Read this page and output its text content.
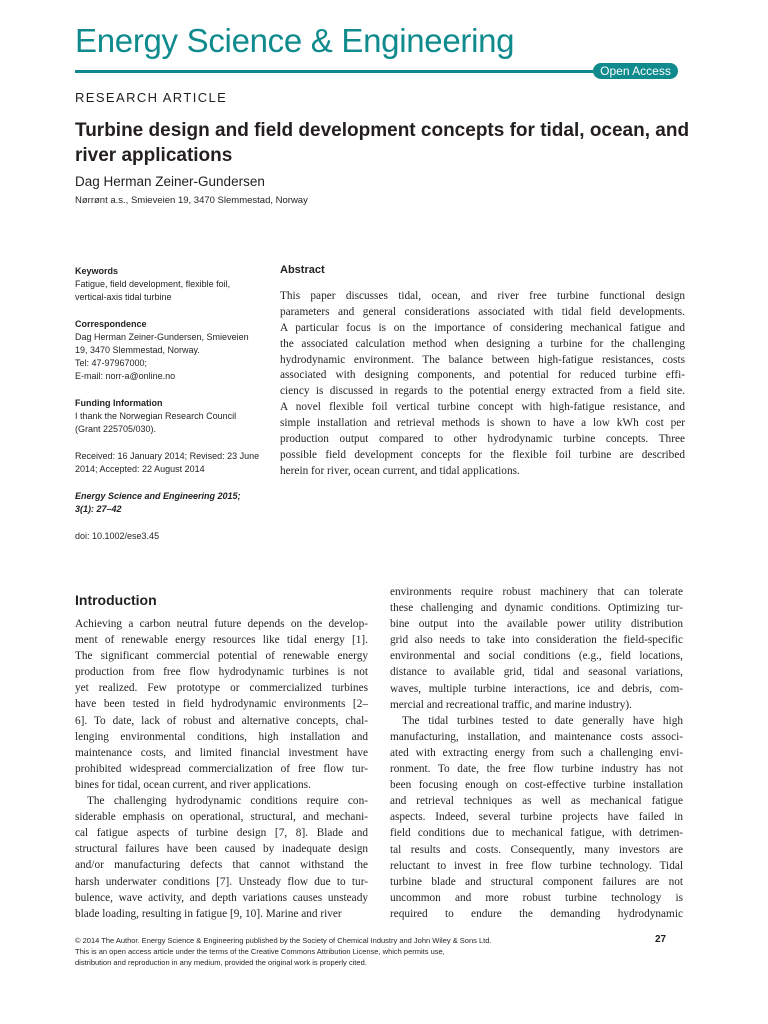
Energy Science & Engineering
Open Access
RESEARCH ARTICLE
Turbine design and field development concepts for tidal, ocean, and river applications
Dag Herman Zeiner-Gundersen
Nørrønt a.s., Smieveien 19, 3470 Slemmestad, Norway
Keywords
Fatigue, field development, flexible foil,
vertical-axis tidal turbine
Correspondence
Dag Herman Zeiner-Gundersen, Smieveien
19, 3470 Slemmestad, Norway.
Tel: 47-97967000;
E-mail: norr-a@online.no
Funding Information
I thank the Norwegian Research Council
(Grant 225705/030).
Received: 16 January 2014; Revised: 23 June
2014; Accepted: 22 August 2014
Energy Science and Engineering 2015;
3(1): 27–42
doi: 10.1002/ese3.45
Abstract
This paper discusses tidal, ocean, and river free turbine functional design
parameters and general considerations associated with tidal field developments.
A particular focus is on the importance of considering mechanical fatigue and
the associated calculation method when designing a turbine for the challenging
hydrodynamic environment. The balance between high-fatigue resistances, costs
associated with designing components, and potential for reduced turbine effi-
ciency is discussed in regards to the potential energy extracted from a field site.
A novel flexible foil vertical turbine concept with high-fatigue resistance, and
simple installation and retrieval methods is shown to have a low kWh cost per
production output compared to other hydrodynamic turbine concepts. Three
possible field development concepts for the flexible foil turbine are described
herein for river, ocean current, and tidal applications.
Introduction
Achieving a carbon neutral future depends on the develop-
ment of renewable energy resources like tidal energy [1].
The significant commercial potential of renewable energy
production from free flow hydrodynamic turbines is not
yet realized. Few prototype or commercialized turbines
have been tested in field hydrodynamic environments [2–
6]. To date, lack of robust and alternative concepts, chal-
lenging environmental conditions, high installation and
maintenance costs, and limited financial investment have
prohibited widespread commercialization of free flow tur-
bines for tidal, ocean current, and river applications.
The challenging hydrodynamic conditions require con-
siderable emphasis on operational, structural, and mechani-
cal fatigue aspects of turbine design [7, 8]. Blade and
structural failures have been caused by inadequate design
and/or manufacturing defects that cannot withstand the
harsh underwater conditions [7]. Unsteady flow due to tur-
bulence, wave activity, and depth variations causes unsteady
blade loading, resulting in fatigue [9, 10]. Marine and river
environments require robust machinery that can tolerate
these challenging and dynamic conditions. Optimizing tur-
bine output into the available power utility distribution
grid also needs to take into consideration the field-specific
environmental and social conditions (e.g., field locations,
distance to available grid, tidal and seasonal variations,
waves, multiple turbine interactions, ice and debris, com-
mercial and recreational traffic, and marine industry).
The tidal turbines tested to date generally have high
manufacturing, installation, and maintenance costs associ-
ated with extracting energy from such a challenging envi-
ronment. To date, the free flow turbine industry has not
been focusing enough on cost-effective turbine installation
and retrieval techniques as well as mechanical fatigue
aspects. Indeed, several turbine projects have failed in
field conditions due to mechanical fatigue, with detrimen-
tal results and costs. Consequently, many investors are
reluctant to invest in free flow turbine technology. Tidal
turbine blade and structural component failures are not
uncommon and more robust turbine technology is
required to endure the demanding hydrodynamic
© 2014 The Author. Energy Science & Engineering published by the Society of Chemical Industry and John Wiley & Sons Ltd.
This is an open access article under the terms of the Creative Commons Attribution License, which permits use,
distribution and reproduction in any medium, provided the original work is properly cited.
27
